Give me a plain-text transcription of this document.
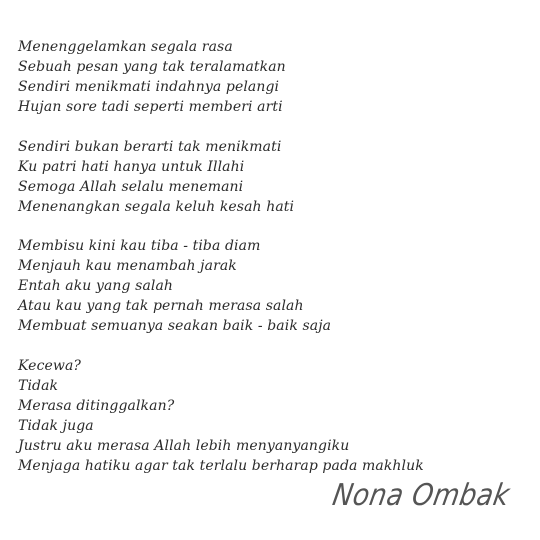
Menenggelamkan segala rasa
Sebuah pesan yang tak teralamatkan
Sendiri menikmati indahnya pelangi
Hujan sore tadi seperti memberi arti
Sendiri bukan berarti tak menikmati
Ku patri hati hanya untuk Illahi
Semoga Allah selalu menemani
Menenangkan segala keluh kesah hati
Membisu kini kau tiba - tiba diam
Menjauh kau menambah jarak
Entah aku yang salah
Atau kau yang tak pernah merasa salah
Membuat semuanya seakan baik - baik saja
Kecewa?
Tidak
Merasa ditinggalkan?
Tidak juga
Justru aku merasa Allah lebih menyanyangiku
Menjaga hatiku agar tak terlalu berharap pada makhluk
Nona Ombak
